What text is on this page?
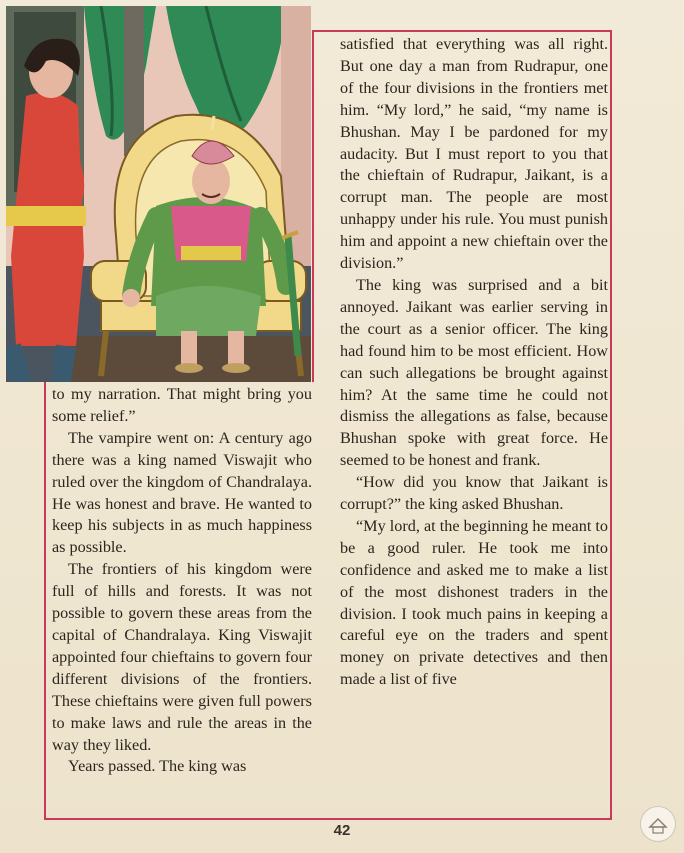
to my narration. That might bring you some relief.”

The vampire went on: A century ago there was a king named Viswajit who ruled over the kingdom of Chandralaya. He was honest and brave. He wanted to keep his subjects in as much happiness as possible.

The frontiers of his kingdom were full of hills and forests. It was not possible to govern these areas from the capital of Chandralaya. King Viswajit appointed four chieftains to govern four different divisions of the frontiers. These chieftains were given full powers to make laws and rule the areas in the way they liked.

Years passed. The king was

satisfied that everything was all right. But one day a man from Rudrapur, one of the four divisions in the frontiers met him. “My lord,” he said, “my name is Bhushan. May I be pardoned for my audacity. But I must report to you that the chieftain of Rudrapur, Jaikant, is a corrupt man. The people are most unhappy under his rule. You must punish him and appoint a new chieftain over the division.”

The king was surprised and a bit annoyed. Jaikant was earlier serving in the court as a senior officer. The king had found him to be most efficient. How can such allegations be brought against him? At the same time he could not dismiss the allegations as false, because Bhushan spoke with great force. He seemed to be honest and frank.

“How did you know that Jaikant is corrupt?” the king asked Bhushan.

“My lord, at the beginning he meant to be a good ruler. He took me into confidence and asked me to make a list of the most dishonest traders in the division. I took much pains in keeping a careful eye on the traders and spent money on private detectives and then made a list of five

42
